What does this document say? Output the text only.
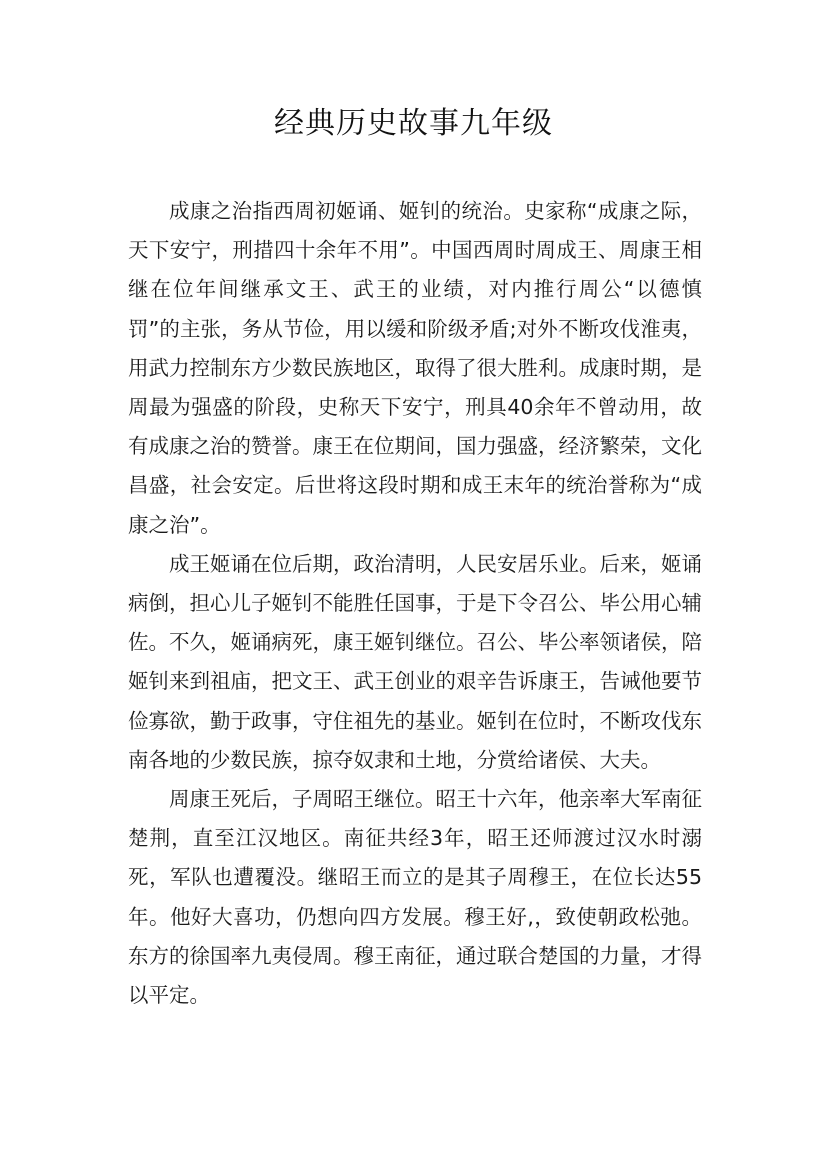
经典历史故事九年级

成康之治指西周初姬诵、姬钊的统治。史家称“成康之际，天下安宁，刑措四十余年不用”。中国西周时周成王、周康王相继在位年间继承文王、武王的业绩，对内推行周公“以德慎罚”的主张，务从节俭，用以缓和阶级矛盾;对外不断攻伐淮夷，用武力控制东方少数民族地区，取得了很大胜利。成康时期，是周最为强盛的阶段，史称天下安宁，刑具40余年不曾动用，故有成康之治的赞誉。康王在位期间，国力强盛，经济繁荣，文化昌盛，社会安定。后世将这段时期和成王末年的统治誉称为“成康之治”。

成王姬诵在位后期，政治清明，人民安居乐业。后来，姬诵病倒，担心儿子姬钊不能胜任国事，于是下令召公、毕公用心辅佐。不久，姬诵病死，康王姬钊继位。召公、毕公率领诸侯，陪姬钊来到祖庙，把文王、武王创业的艰辛告诉康王，告诫他要节俭寡欲，勤于政事，守住祖先的基业。姬钊在位时，不断攻伐东南各地的少数民族，掠夺奴隶和土地，分赏给诸侯、大夫。

周康王死后，子周昭王继位。昭王十六年，他亲率大军南征楚荆，直至江汉地区。南征共经3年，昭王还师渡过汉水时溺死，军队也遭覆没。继昭王而立的是其子周穆王，在位长达55年。他好大喜功，仍想向四方发展。穆王好,，致使朝政松弛。东方的徐国率九夷侵周。穆王南征，通过联合楚国的力量，才得以平定。
